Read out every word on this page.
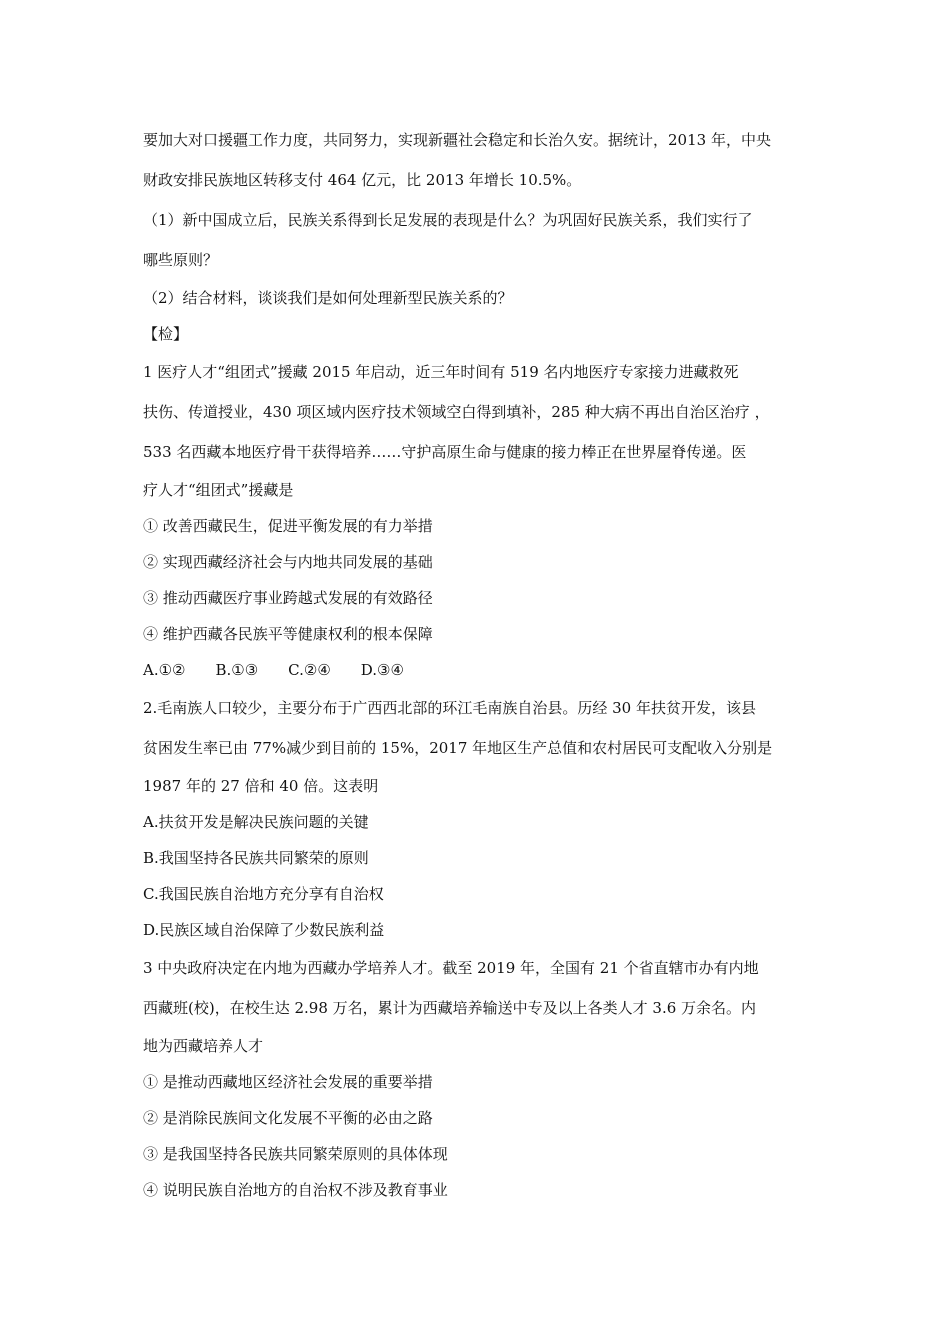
要加大对口援疆工作力度，共同努力，实现新疆社会稳定和长治久安。据统计，2013 年，中央
财政安排民族地区转移支付 464 亿元，比 2013 年增长 10.5%。
（1）新中国成立后，民族关系得到长足发展的表现是什么？为巩固好民族关系，我们实行了
哪些原则？
（2）结合材料，谈谈我们是如何处理新型民族关系的？
【检】
1 医疗人才“组团式”援藏 2015 年启动，近三年时间有 519 名内地医疗专家接力进藏救死
扶伤、传道授业，430 项区域内医疗技术领域空白得到填补，285 种大病不再出自治区治疗 ，
533 名西藏本地医疗骨干获得培养……守护高原生命与健康的接力棒正在世界屋脊传递。医
疗人才“组团式”援藏是
① 改善西藏民生，促进平衡发展的有力举措
② 实现西藏经济社会与内地共同发展的基础
③ 推动西藏医疗事业跨越式发展的有效路径
④ 维护西藏各民族平等健康权利的根本保障
A.①②　　B.①③　　C.②④　　D.③④
2.毛南族人口较少，主要分布于广西西北部的环江毛南族自治县。历经 30 年扶贫开发，该县
贫困发生率已由 77%减少到目前的 15%，2017 年地区生产总值和农村居民可支配收入分别是
1987 年的 27 倍和 40 倍。这表明
A.扶贫开发是解决民族问题的关键
B.我国坚持各民族共同繁荣的原则
C.我国民族自治地方充分享有自治权
D.民族区域自治保障了少数民族利益
3 中央政府决定在内地为西藏办学培养人才。截至 2019 年，全国有 21 个省直辖市办有内地
西藏班(校)，在校生达 2.98 万名，累计为西藏培养输送中专及以上各类人才 3.6 万余名。内
地为西藏培养人才
① 是推动西藏地区经济社会发展的重要举措
② 是消除民族间文化发展不平衡的必由之路
③ 是我国坚持各民族共同繁荣原则的具体体现
④ 说明民族自治地方的自治权不涉及教育事业
